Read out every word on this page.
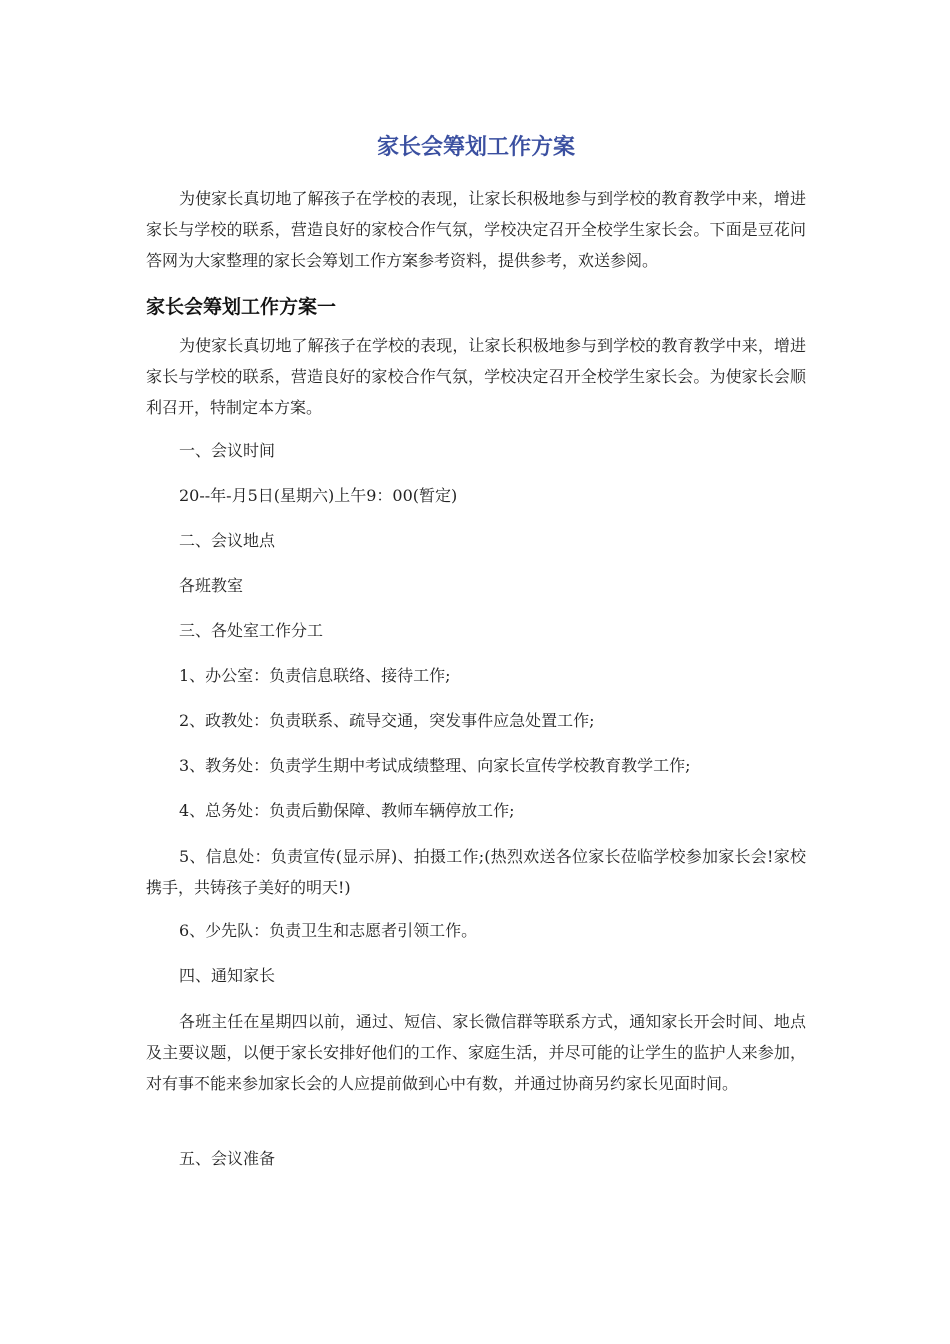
家长会筹划工作方案

为使家长真切地了解孩子在学校的表现，让家长积极地参与到学校的教育教学中来，增进家长与学校的联系，营造良好的家校合作气氛，学校决定召开全校学生家长会。下面是豆花问答网为大家整理的家长会筹划工作方案参考资料，提供参考，欢送参阅。

家长会筹划工作方案一

为使家长真切地了解孩子在学校的表现，让家长积极地参与到学校的教育教学中来，增进家长与学校的联系，营造良好的家校合作气氛，学校决定召开全校学生家长会。为使家长会顺利召开，特制定本方案。

一、会议时间

20--年-月5日(星期六)上午9：00(暂定)

二、会议地点

各班教室

三、各处室工作分工

1、办公室：负责信息联络、接待工作;

2、政教处：负责联系、疏导交通，突发事件应急处置工作;

3、教务处：负责学生期中考试成绩整理、向家长宣传学校教育教学工作;

4、总务处：负责后勤保障、教师车辆停放工作;

5、信息处：负责宣传(显示屏)、拍摄工作;(热烈欢送各位家长莅临学校参加家长会!家校携手，共铸孩子美好的明天!)

6、少先队：负责卫生和志愿者引领工作。

四、通知家长

各班主任在星期四以前，通过、短信、家长微信群等联系方式，通知家长开会时间、地点及主要议题，以便于家长安排好他们的工作、家庭生活，并尽可能的让学生的监护人来参加，对有事不能来参加家长会的人应提前做到心中有数，并通过协商另约家长见面时间。

五、会议准备
